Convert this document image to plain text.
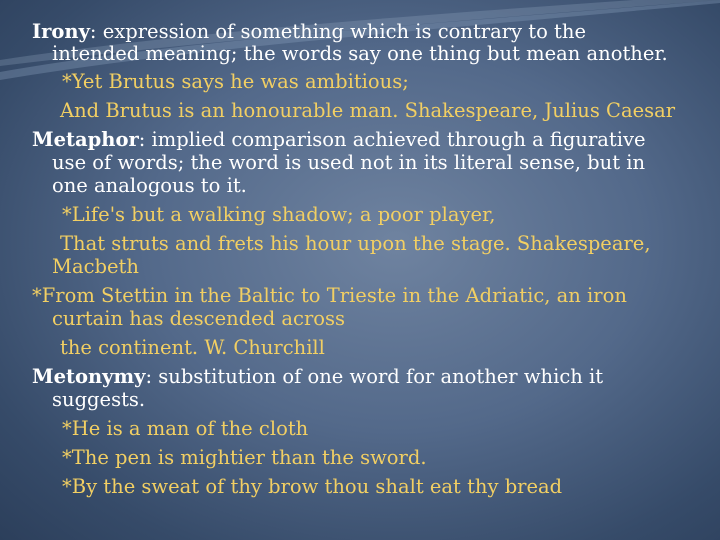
Irony: expression of something which is contrary to the
intended meaning; the words say one thing but mean another.
*Yet Brutus says he was ambitious;
And Brutus is an honourable man. Shakespeare, Julius Caesar
Metaphor: implied comparison achieved through a figurative
use of words; the word is used not in its literal sense, but in
one analogous to it.
*Life's but a walking shadow; a poor player,
That struts and frets his hour upon the stage. Shakespeare,
Macbeth
*From Stettin in the Baltic to Trieste in the Adriatic, an iron
curtain has descended across
the continent. W. Churchill
Metonymy: substitution of one word for another which it
suggests.
*He is a man of the cloth
*The pen is mightier than the sword.
*By the sweat of thy brow thou shalt eat thy bread
